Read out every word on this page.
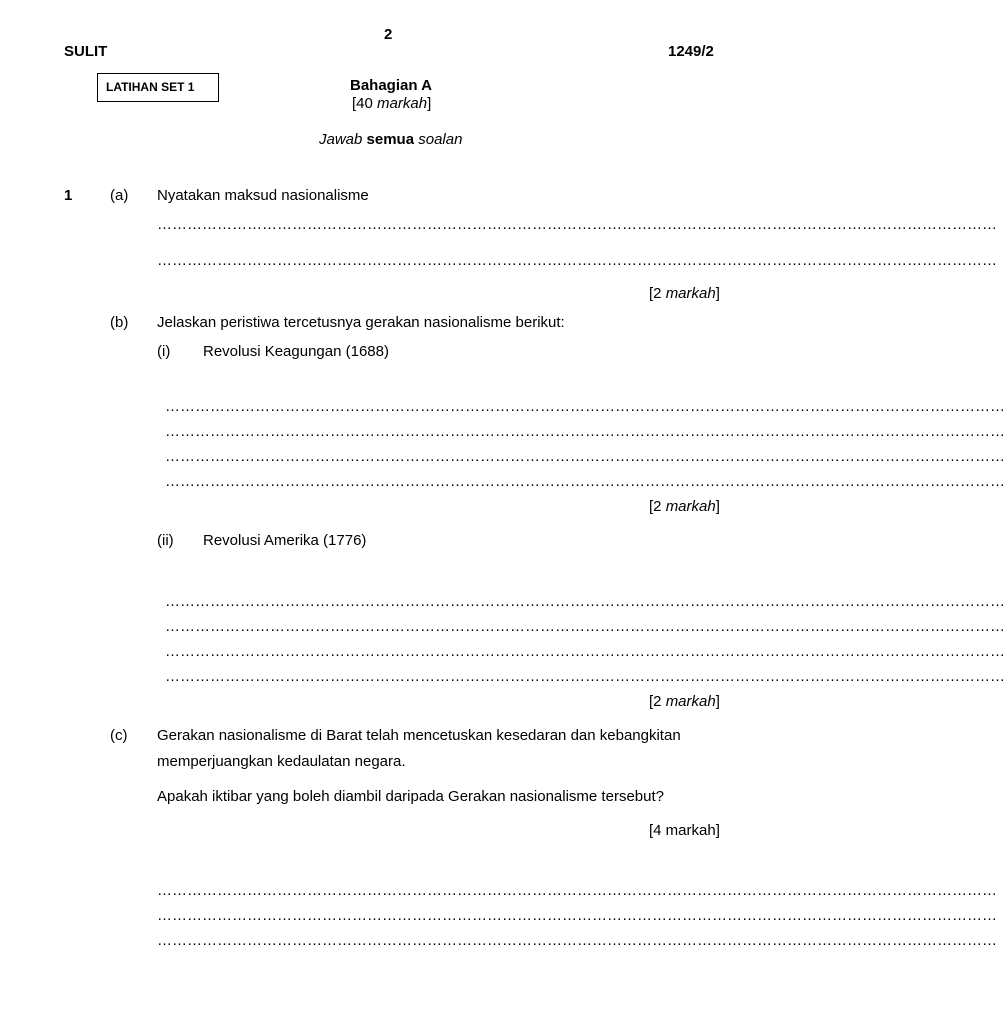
2
SULIT	1249/2
LATIHAN SET 1	Bahagian A
[40 markah]
Jawab semua soalan
1	(a) Nyatakan maksud nasionalisme
……………………………………………………………………………………………………………………………………………………
……………………………………………………………………………………………………………………………………………………
[2 markah]
(b) Jelaskan peristiwa tercetusnya gerakan nasionalisme berikut:
(i) Revolusi Keagungan (1688)
……………………………………………………………………………………………………………………………………………………
……………………………………………………………………………………………………………………………………………………
……………………………………………………………………………………………………………………………………………………
……………………………………………………………………………………………………………………………………………………
[2 markah]
(ii) Revolusi Amerika (1776)
……………………………………………………………………………………………………………………………………………………
……………………………………………………………………………………………………………………………………………………
……………………………………………………………………………………………………………………………………………………
……………………………………………………………………………………………………………………………………………………
[2 markah]
(c) Gerakan nasionalisme di Barat telah mencetuskan kesedaran dan kebangkitan
memperjuangkan kedaulatan negara.
Apakah iktibar yang boleh diambil daripada Gerakan nasionalisme tersebut?
[4 markah]
……………………………………………………………………………………………………………………………………………………
……………………………………………………………………………………………………………………………………………………
……………………………………………………………………………………………………………………………………………………
